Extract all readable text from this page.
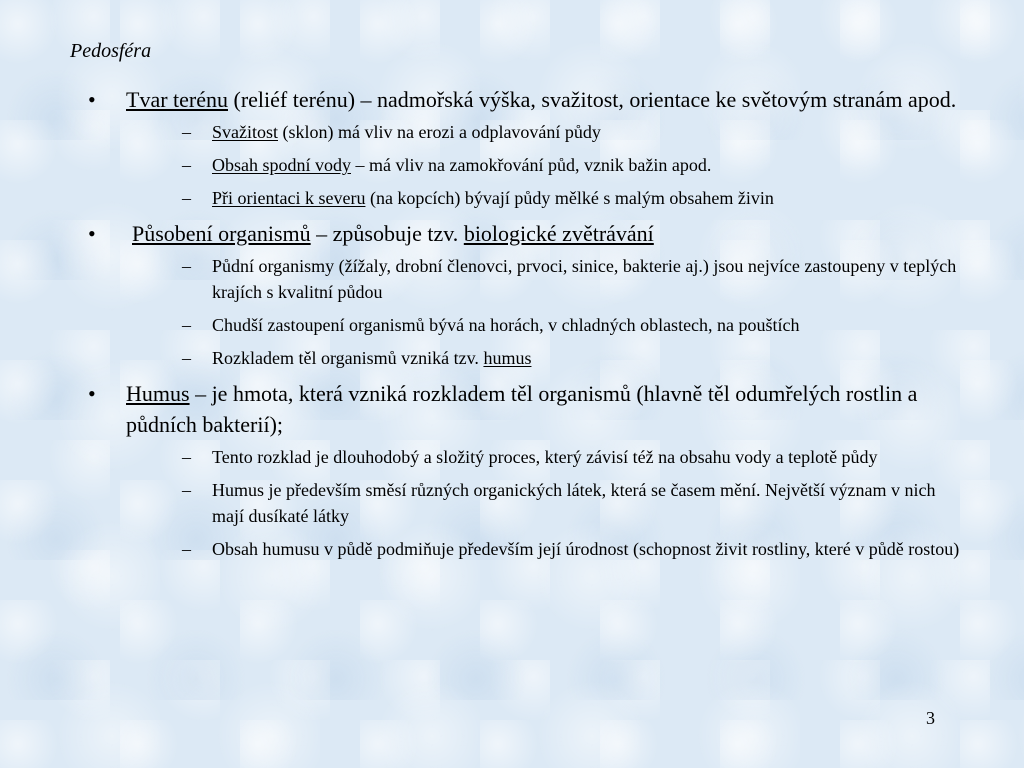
Pedosféra
• Tvar terénu (reliéf terénu) – nadmořská výška, svažitost, orientace ke světovým stranám apod.
– Svažitost (sklon) má vliv na erozi a odplavování půdy
– Obsah spodní vody – má vliv na zamokřování půd, vznik bažin apod.
– Při orientaci k severu (na kopcích) bývají půdy mělké s malým obsahem živin
• Působení organismů – způsobuje tzv. biologické zvětrávání
– Půdní organismy (žížaly, drobní členovci, prvoci, sinice, bakterie aj.) jsou nejvíce zastoupeny v teplých krajích s kvalitní půdou
– Chudší zastoupení organismů bývá na horách, v chladných oblastech, na pouštích
– Rozkladem těl organismů vzniká tzv. humus
• Humus – je hmota, která vzniká rozkladem těl organismů (hlavně těl odumřelých rostlin a půdních bakterií);
– Tento rozklad je dlouhodobý a složitý proces, který závisí též na obsahu vody a teplotě půdy
– Humus je především směsí různých organických látek, která se časem mění. Největší význam v nich mají dusíkaté látky
– Obsah humusu v půdě podmiňuje především její úrodnost (schopnost živit rostliny, které v půdě rostou)
3
